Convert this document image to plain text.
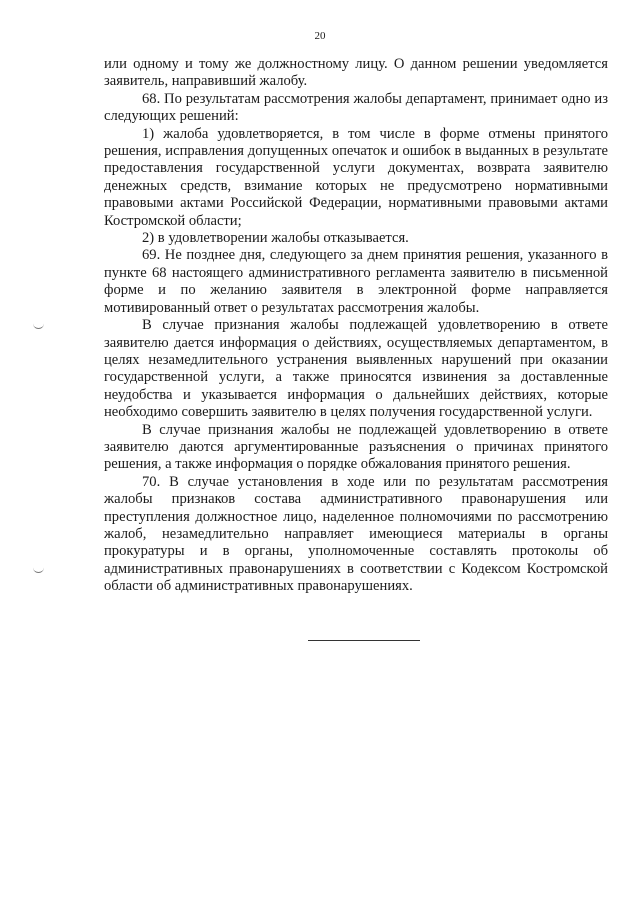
20

или одному и тому же должностному лицу. О данном решении уведомляется заявитель, направивший жалобу.

68. По результатам рассмотрения жалобы департамент, принимает одно из следующих решений:

1) жалоба удовлетворяется, в том числе в форме отмены принятого решения, исправления допущенных опечаток и ошибок в выданных в результате предоставления государственной услуги документах, возврата заявителю денежных средств, взимание которых не предусмотрено нормативными правовыми актами Российской Федерации, нормативными правовыми актами Костромской области;

2) в удовлетворении жалобы отказывается.

69. Не позднее дня, следующего за днем принятия решения, указанного в пункте 68 настоящего административного регламента заявителю в письменной форме и по желанию заявителя в электронной форме направляется мотивированный ответ о результатах рассмотрения жалобы.

В случае признания жалобы подлежащей удовлетворению в ответе заявителю дается информация о действиях, осуществляемых департаментом, в целях незамедлительного устранения выявленных нарушений при оказании государственной услуги, а также приносятся извинения за доставленные неудобства и указывается информация о дальнейших действиях, которые необходимо совершить заявителю в целях получения государственной услуги.

В случае признания жалобы не подлежащей удовлетворению в ответе заявителю даются аргументированные разъяснения о причинах принятого решения, а также информация о порядке обжалования принятого решения.

70. В случае установления в ходе или по результатам рассмотрения жалобы признаков состава административного правонарушения или преступления должностное лицо, наделенное полномочиями по рассмотрению жалоб, незамедлительно направляет имеющиеся материалы в органы прокуратуры и в органы, уполномоченные составлять протоколы об административных правонарушениях в соответствии с Кодексом Костромской области об административных правонарушениях.
